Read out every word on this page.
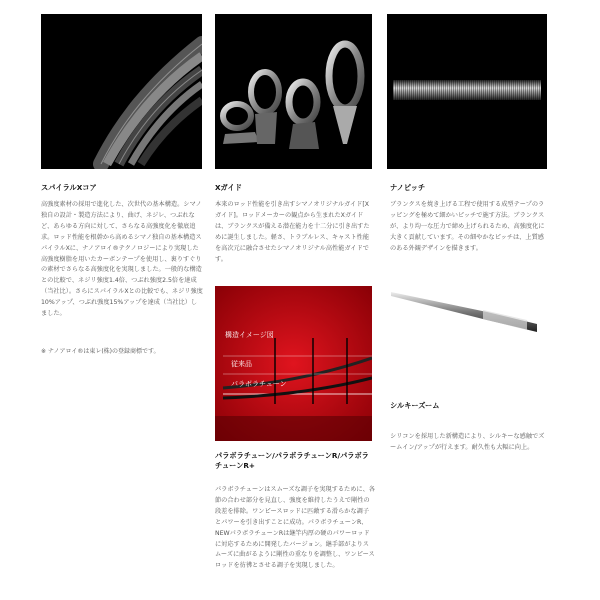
スパイラルXコア

高強度素材の採用で進化した、次世代の基本構造。シマノ独自の設計・製造方法により、曲げ、ネジレ、つぶれなど、あらゆる方向に対して、さらなる高強度化を徹底追求。ロッド性能を根幹から高めるシマノ独自の基本構造スパイラルXに、ナノアロイ®テクノロジーにより実現した高強度樹脂を用いたカーボンテープを使用し、裏りすぐりの素材でさらなる高強度化を実現しました。一般的な構造との比較で、ネジリ強度1.4倍、つぶれ強度2.5倍を達成（当社比）。さらにスパイラルXとの比較でも、ネジリ強度10%アップ、つぶれ強度15%アップを達成（当社比）しました。

※ ナノアロイ®は東レ(株)の登録商標です。
Xガイド

本来のロッド性能を引き出すシマノオリジナルガイド[Xガイド]。ロッドメーカーの観点から生まれたXガイドは、ブランクスが備える潜在能力を十二分に引き出すために誕生しました。軽さ、トラブルレス、キャスト性能を高次元に融合させたシマノオリジナル高性能ガイドです。

ナノピッチ

ブランクスを焼き上げる工程で使用する成型テープのラッピングを極めて細かいピッチで施す方法。ブランクスが、より均一な圧力で締め上げられるため、高強度化に大きく貢献しています。その細やかなピッチは、上質感のある外観デザインを描きます。

構造イメージ図
従来品
パラボラチューン
パラボラチューン/パラボラチューンR/パラボラチューンR+

パラボラチューンはスムーズな調子を実現するために、各節の合わせ部分を見直し、強度を維持したうえで剛性の段差を排除。ワンピースロッドに匹敵する滑らかな調子とパワーを引き出すことに成功。パラボラチューンR、NEWパラボラチューンRは継竿内厚の硬のパワーロッドに対応するために開発したバージョン。継手部がよりスムーズに曲がるように剛性の重なりを調整し、ワンピースロッドを彷彿とさせる調子を実現しました。

シルキーズーム

シリコンを採用した新構造により、シルキーな感触でズームイン/アップが行えます。耐久性も大幅に向上。
